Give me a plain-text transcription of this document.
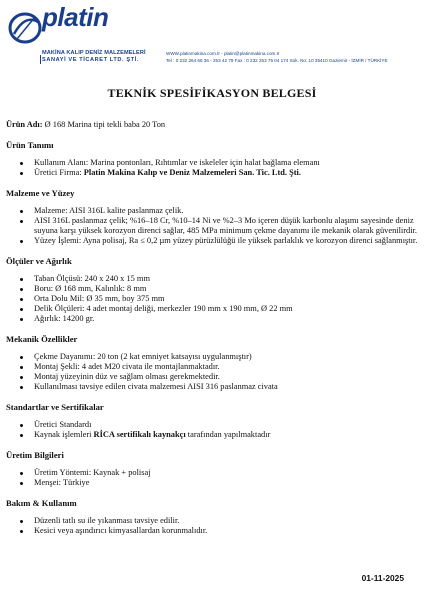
platin
MAKİNA KALIP DENİZ MALZEMELERİ
SANAYİ VE TİCARET LTD. ŞTİ.
WWW.platinmakina.com.tr - platin@platinmakina.com.tr
Tel : 0 232 264 66 36 - 253 42 79 Fax : 0 232 253 75 04 174 Sok. No: 10 35410 Gaziemir - İZMİR / TÜRKİYE
TEKNİK SPESİFİKASYON BELGESİ

Ürün Adı: Ø 168 Marina tipi tekli baba 20 Ton

Ürün Tanımı
Kullanım Alanı: Marina pontonları, Rıhtımlar ve iskeleler için halat bağlama elemanı
Üretici Firma: Platin Makina Kalıp ve Deniz Malzemeleri San. Tic. Ltd. Şti.
Malzeme ve Yüzey
Malzeme: AISI 316L kalite paslanmaz çelik.
AISI 316L paslanmaz çelik; %16–18 Cr, %10–14 Ni ve %2–3 Mo içeren düşük karbonlu alaşımı sayesinde deniz suyuna karşı yüksek korozyon direnci sağlar, 485 MPa minimum çekme dayanımı ile mekanik olarak güvenilirdir.
Yüzey İşlemi: Ayna polisaj, Ra ≤ 0,2 µm yüzey pürüzlülüğü ile yüksek parlaklık ve korozyon direnci sağlanmıştır.
Ölçüler ve Ağırlık
Taban Ölçüsü: 240 x 240 x 15 mm
Boru: Ø 168 mm, Kalınlık: 8 mm
Orta Dolu Mil: Ø 35 mm, boy 375 mm
Delik Ölçüleri: 4 adet montaj deliği, merkezler 190 mm x 190 mm, Ø 22 mm
Ağırlık: 14200 gr.
Mekanik Özellikler
Çekme Dayanımı: 20 ton (2 kat emniyet katsayısı uygulanmıştır)
Montaj Şekli: 4 adet M20 civata ile montajlanmaktadır.
Montaj yüzeyinin düz ve sağlam olması gerekmektedir.
Kullanılması tavsiye edilen civata malzemesi AISI 316 paslanmaz civata
Standartlar ve Sertifikalar
Üretici Standardı
Kaynak işlemleri RİCA sertifikalı kaynakçı tarafından yapılmaktadır
Üretim Bilgileri
Üretim Yöntemi: Kaynak + polisaj
Menşei: Türkiye
Bakım & Kullanım
Düzenli tatlı su ile yıkanması tavsiye edilir.
Kesici veya aşındırıcı kimyasallardan korunmalıdır.
01-11-2025
